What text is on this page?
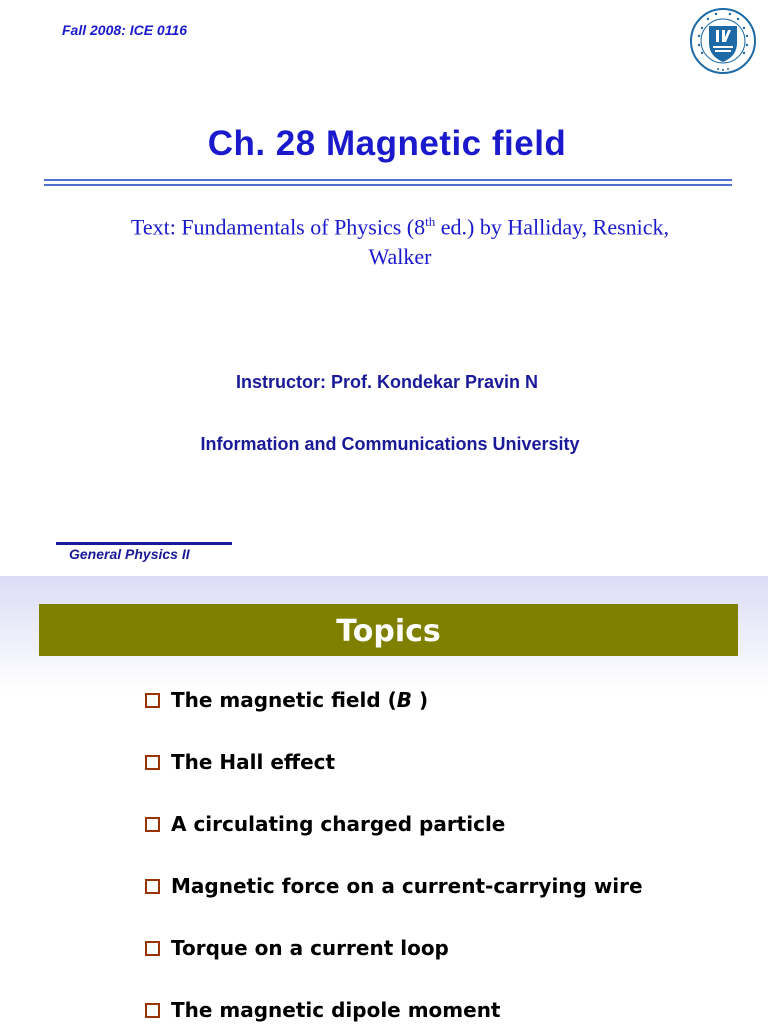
Fall 2008: ICE 0116
Ch. 28 Magnetic field
Text: Fundamentals of Physics (8th ed.) by Halliday, Resnick,
Walker
Instructor: Prof. Kondekar Pravin N
Information and Communications University
General Physics II
Topics
The magnetic field (B )
The Hall effect
A circulating charged particle
Magnetic force on a current-carrying wire
Torque on a current loop
The magnetic dipole moment
